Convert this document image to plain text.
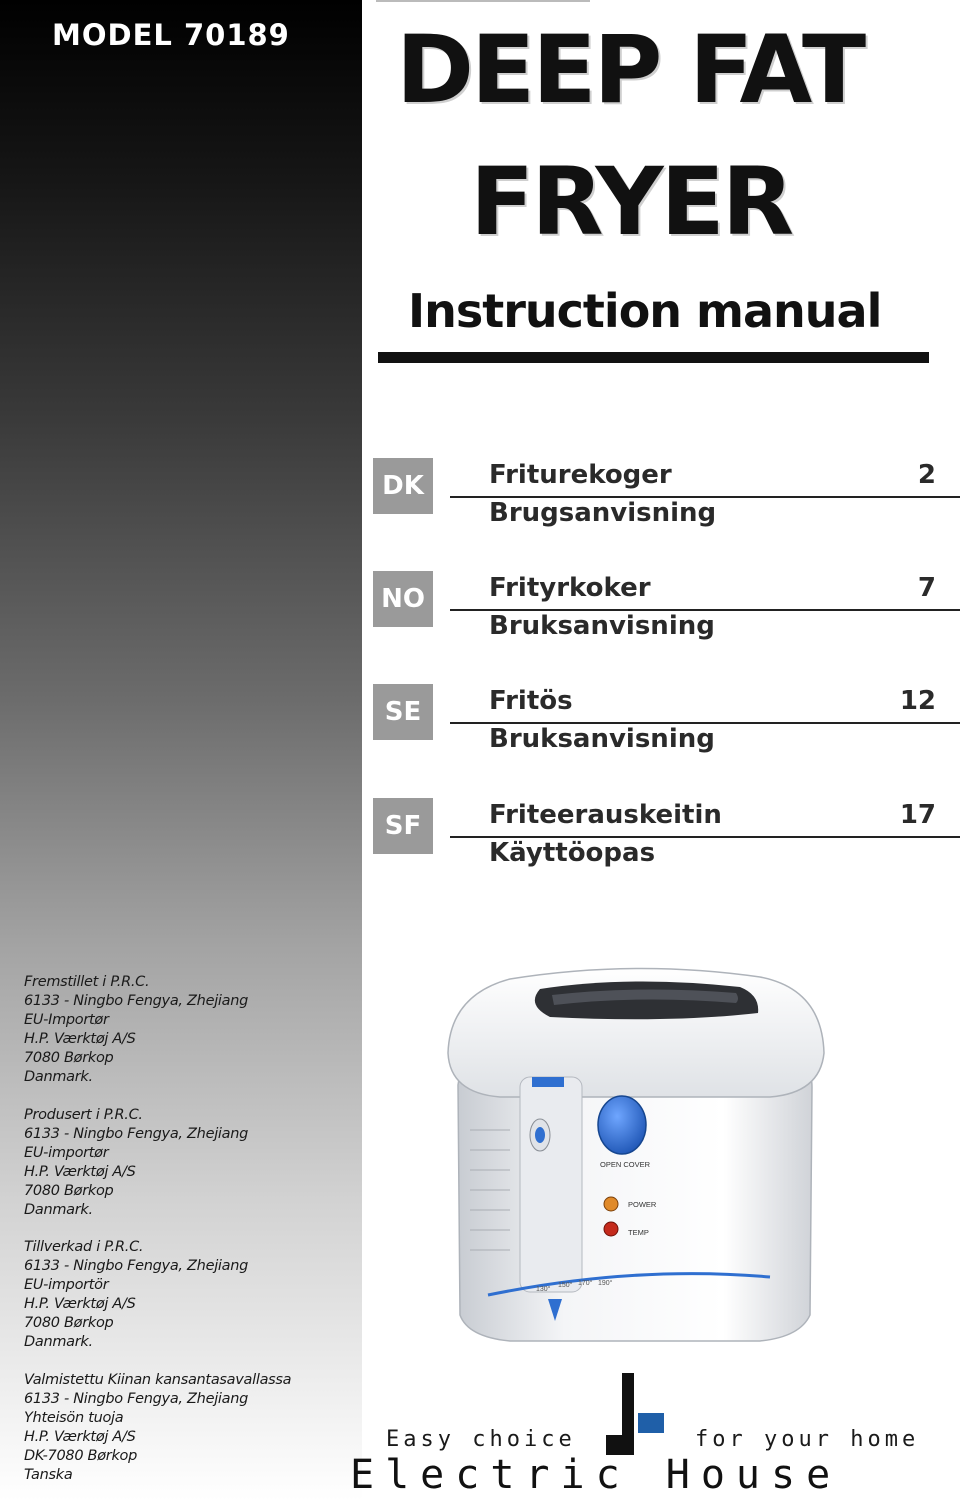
MODEL 70189 DEEP FAT
FRYER
Instruction manual
DK	Friturekoger	2
Brugsanvisning
NO	Frityrkoker	7
Bruksanvisning
SE	Fritös	12
Bruksanvisning
SF	Friteerauskeitin	17
Käyttöopas
Fremstillet i P.R.C.
6133 - Ningbo Fengya, Zhejiang
EU-Importør
H.P. Værktøj A/S
7080 Børkop
Danmark.
Produsert i P.R.C.
6133 - Ningbo Fengya, Zhejiang
EU-importør
H.P. Værktøj A/S
7080 Børkop
Danmark.
Tillverkad i P.R.C.
6133 - Ningbo Fengya, Zhejiang
EU-importör
H.P. Værktøj A/S
7080 Børkop
Danmark.
Valmistettu Kiinan kansantasavallassa
6133 - Ningbo Fengya, Zhejiang
Yhteisön tuoja
H.P. Værktøj A/S
DK-7080 Børkop
Tanska
OPEN COVER
POWER
TEMP
130°
150° 170° 190°
Easy choice	for your home
Electric House
